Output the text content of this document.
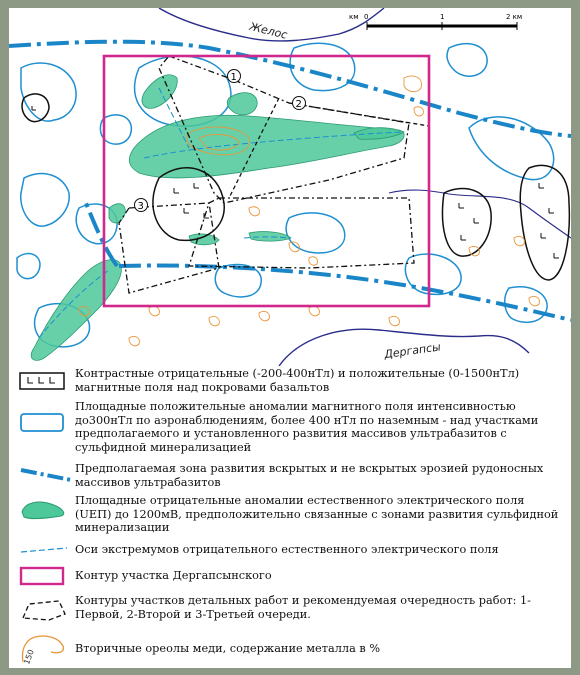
Желос
Дергапсы
км 0	1	2 км
1
2
3
Контрастные отрицательные (-200-400нТл) и положительные (0-1500нТл) магнитные поля над покровами базальтов
Площадные положительные аномалии магнитного поля интенсивностью до300нТл по аэронаблюдениям, более 400 нТл по наземным - над участками предполагаемого и установленного развития массивов ультрабазитов с сульфидной минерализацией
Предполагаемая зона развития вскрытых и не вскрытых эрозией рудоносных массивов ультрабазитов
Площадные отрицательные аномалии естественного электрического поля (UEП) до 1200мВ, предположительно связанные с зонами развития сульфидной минерализации
Оси экстремумов отрицательного естественного электрического поля
Контур участка Дергапсынского
Контуры участков детальных работ и рекомендуемая очередность работ: 1-Первой, 2-Второй и 3-Третьей очереди.
150	Вторичные ореолы меди, содержание металла в %
